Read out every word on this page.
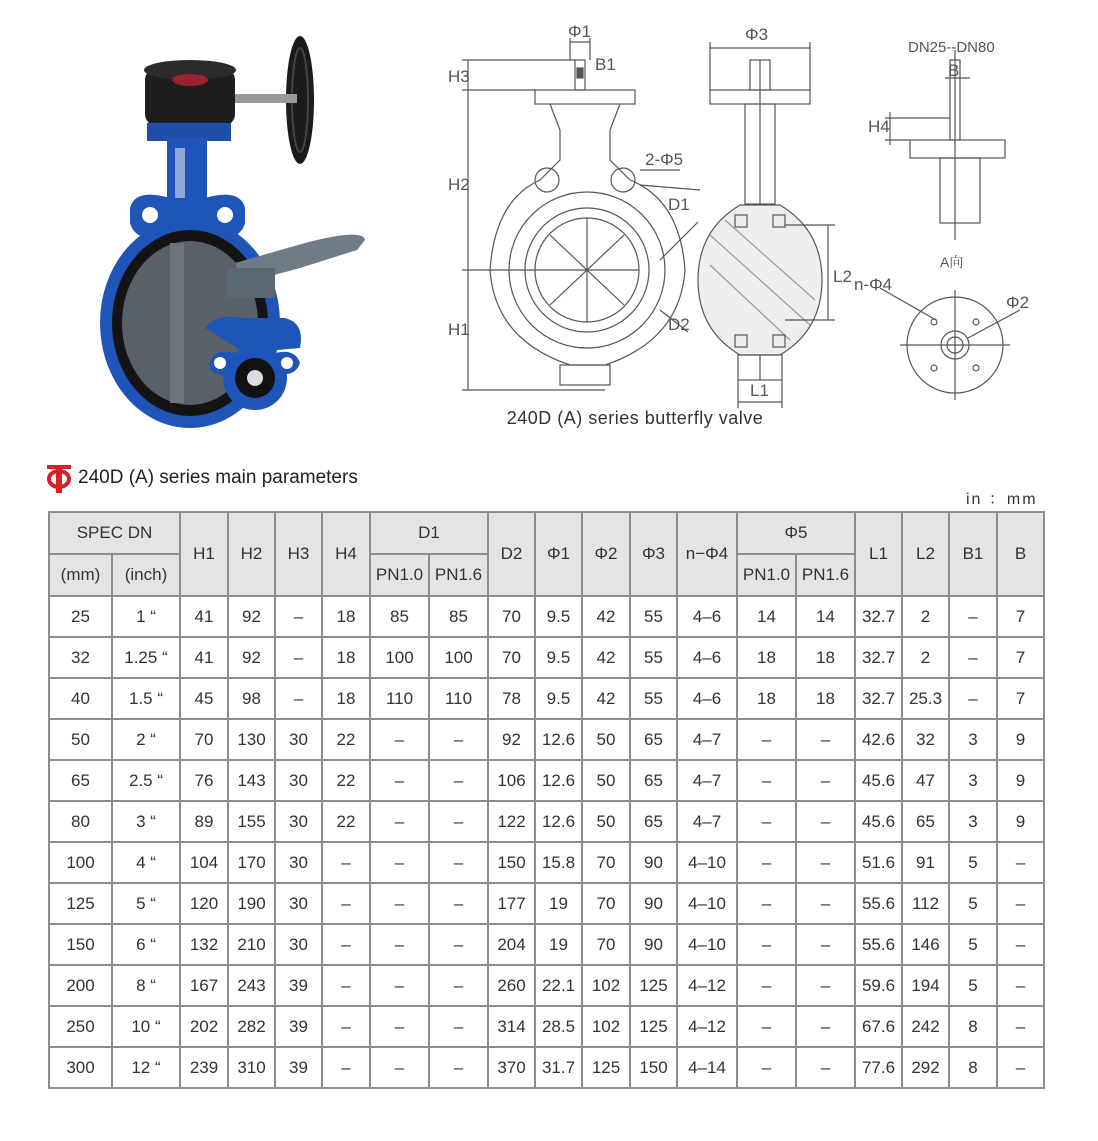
Φ1
B1
H3
H2
H1
2-Φ5
D1
D2
Φ3
L2
L1
DN25--DN80
B
H4
A向
n-Φ4
Φ2
240D (A) series butterfly valve
240D (A) series main parameters
in ：mm
SPEC DN		H1	H2	H3	H4	D1		D2	Φ1	Φ2	Φ3	n−Φ4	Φ5		L1	L2	B1	B
(mm)	(inch)					PN1.0	PN1.6						PN1.0	PN1.6				
25	1 “	41	92	–	18	85	85	70	9.5	42	55	4–6	14	14	32.7	2	–	7
32	1.25 “	41	92	–	18	100	100	70	9.5	42	55	4–6	18	18	32.7	2	–	7
40	1.5 “	45	98	–	18	110	110	78	9.5	42	55	4–6	18	18	32.7	25.3	–	7
50	2 “	70	130	30	22	–	–	92	12.6	50	65	4–7	–	–	42.6	32	3	9
65	2.5 “	76	143	30	22	–	–	106	12.6	50	65	4–7	–	–	45.6	47	3	9
80	3 “	89	155	30	22	–	–	122	12.6	50	65	4–7	–	–	45.6	65	3	9
100	4 “	104	170	30	–	–	–	150	15.8	70	90	4–10	–	–	51.6	91	5	–
125	5 “	120	190	30	–	–	–	177	19	70	90	4–10	–	–	55.6	112	5	–
150	6 “	132	210	30	–	–	–	204	19	70	90	4–10	–	–	55.6	146	5	–
200	8 “	167	243	39	–	–	–	260	22.1	102	125	4–12	–	–	59.6	194	5	–
250	10 “	202	282	39	–	–	–	314	28.5	102	125	4–12	–	–	67.6	242	8	–
300	12 “	239	310	39	–	–	–	370	31.7	125	150	4–14	–	–	77.6	292	8	–
